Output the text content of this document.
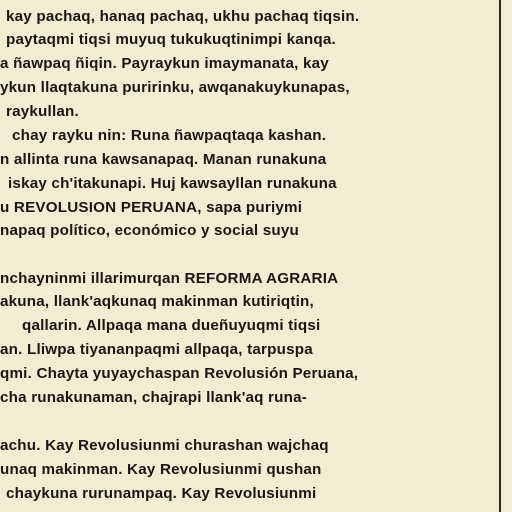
kay pachaq, hanaq pachaq, ukhu pachaq tiqsin.
paytaqmi tiqsi muyuq tukukuqtinimpi kanqa.
a ñawpaq ñiqin. Payraykun imaymanata, kay
ykun llaqtakuna puririnku, awqanakuykunapas,
raykullan.
chay rayku nin: Runa ñawpaqtaqa kashan.
n allinta runa kawsanapaq. Manan runakuna
iskay ch'itakunapi. Huj kawsayllan runakuna
u REVOLUSION PERUANA, sapa puriymi
napaq político, económico y social suyu
nchayninmi illarimurqan REFORMA AGRARIA
akuna, llank'aqkunaq makinman kutiriqtin,
qallarin. Allpaqa mana dueñuyuqmi tiqsi
an. Lliwpa tiyananpaqmi allpaqa, tarpuspa
qmi. Chayta yuyaychaspan Revolusión Peruana,
cha runakunaman, chajrapi llank'aq runa-
achu. Kay Revolusiunmi churashan wajchaq
unaq makinman. Kay Revolusiunmi qushan
chaykuna rurunampaq. Kay Revolusiunmi
